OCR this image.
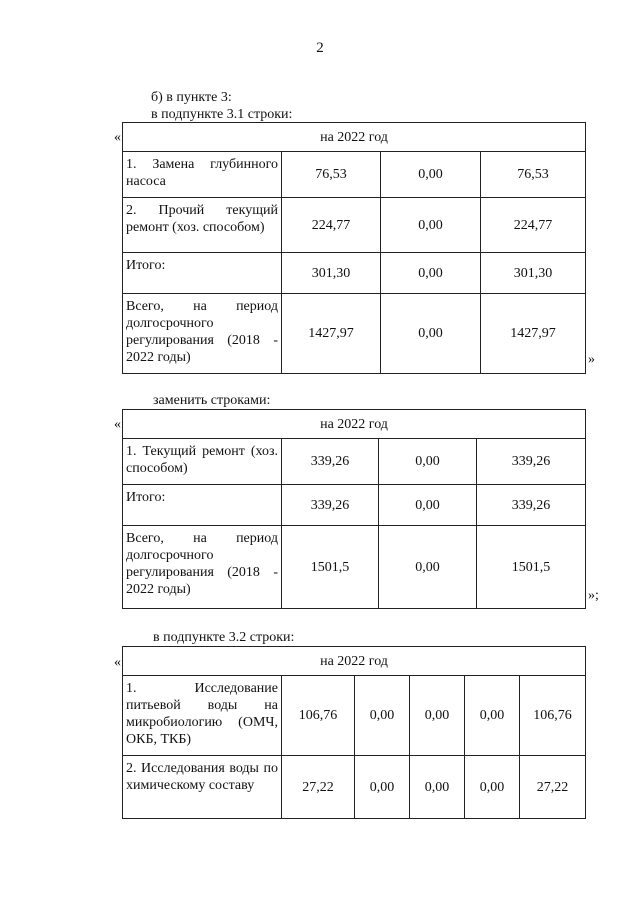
2
б) в пункте 3:
в подпункте 3.1 строки:
«	на 2022 год			
1. Замена глубинного насоса	76,53	0,00	76,53
2. Прочий текущий ремонт (хоз. способом)	224,77	0,00	224,77
Итого:	301,30	0,00	301,30
Всего, на период долгосрочного регулирования (2018 - 2022 годы)	1427,97	0,00	1427,97
»
заменить строками:
«	на 2022 год			
1. Текущий ремонт (хоз. способом)	339,26	0,00	339,26
Итого:	339,26	0,00	339,26
Всего, на период долгосрочного регулирования (2018 - 2022 годы)	1501,5	0,00	1501,5
»;
в подпункте 3.2 строки:
«	на 2022 год					
1. Исследование питьевой воды на микробиологию (ОМЧ, ОКБ, ТКБ)	106,76	0,00	0,00	0,00	106,76
2. Исследования воды по химическому составу	27,22	0,00	0,00	0,00	27,22
